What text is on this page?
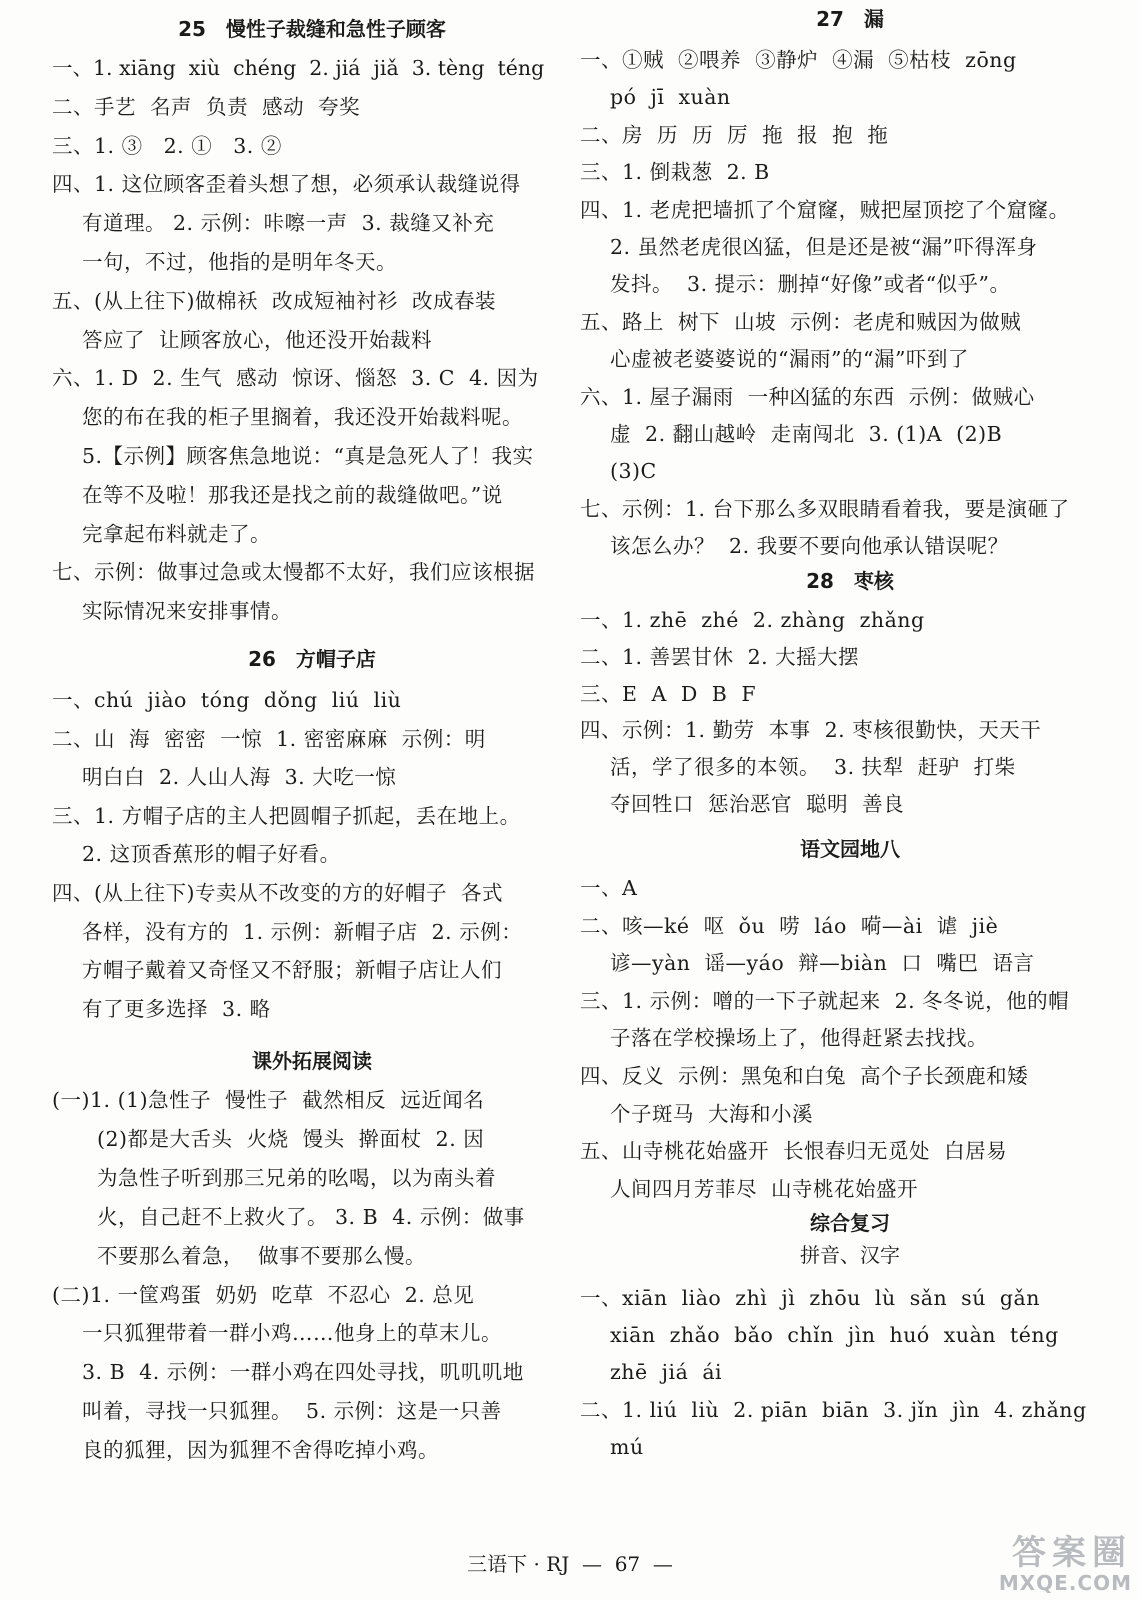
25　慢性子裁缝和急性子顾客
一、1. xiāng  xiù  chéng  2. jiá  jiǎ  3. tèng  téng
二、手艺  名声  负责  感动  夸奖
三、1. ③   2. ①   3. ②
四、1. 这位顾客歪着头想了想，必须承认裁缝说得
有道理。 2. 示例：咔嚓一声  3. 裁缝又补充
一句，不过，他指的是明年冬天。
五、(从上往下)做棉袄  改成短袖衬衫  改成春装
答应了  让顾客放心，他还没开始裁料
六、1. D  2. 生气  感动  惊讶、惱怒  3. C  4. 因为
您的布在我的柜子里搁着，我还没开始裁料呢。
5.【示例】顾客焦急地说：“真是急死人了！我实
在等不及啦！那我还是找之前的裁缝做吧。”说
完拿起布料就走了。
七、示例：做事过急或太慢都不太好，我们应该根据
实际情况来安排事情。
26　方帽子店
一、chú  jiào  tóng  dǒng  liú  liù
二、山  海  密密  一惊  1. 密密麻麻  示例：明
明白白  2. 人山人海  3. 大吃一惊
三、1. 方帽子店的主人把圆帽子抓起，丢在地上。
2. 这顶香蕉形的帽子好看。
四、(从上往下)专卖从不改变的方的好帽子  各式
各样，没有方的  1. 示例：新帽子店  2. 示例：
方帽子戴着又奇怪又不舒服；新帽子店让人们
有了更多选择  3. 略
课外拓展阅读
(一)1. (1)急性子  慢性子  截然相反  远近闻名
(2)都是大舌头  火烧  馒头  擀面杖  2. 因
为急性子听到那三兄弟的吆喝，以为南头着
火，自己赶不上救火了。 3. B  4. 示例：做事
不要那么着急，  做事不要那么慢。
(二)1. 一筐鸡蛋  奶奶  吃草  不忍心  2. 总见
一只狐狸带着一群小鸡……他身上的草末儿。
3. B  4. 示例：一群小鸡在四处寻找，叽叽叽地
叫着，寻找一只狐狸。  5. 示例：这是一只善
良的狐狸，因为狐狸不舍得吃掉小鸡。
27　漏
一、①贼  ②喂养  ③静炉  ④漏  ⑤枯枝  zōng
pó  jī  xuàn
二、房  历  历  厉  拖  报  抱  拖
三、1. 倒栽葱  2. B
四、1. 老虎把墙抓了个窟窿，贼把屋顶挖了个窟窿。
2. 虽然老虎很凶猛，但是还是被“漏”吓得浑身
发抖。  3. 提示：删掉“好像”或者“似乎”。
五、路上  树下  山坡  示例：老虎和贼因为做贼
心虚被老婆婆说的“漏雨”的“漏”吓到了
六、1. 屋子漏雨  一种凶猛的东西  示例：做贼心
虚  2. 翻山越岭  走南闯北  3. (1)A  (2)B
(3)C
七、示例：1. 台下那么多双眼睛看着我，要是演砸了
该怎么办？  2. 我要不要向他承认错误呢？
28　枣核
一、1. zhē  zhé  2. zhàng  zhǎng
二、1. 善罢甘休  2. 大摇大摆
三、E  A  D  B  F
四、示例：1. 勤劳  本事  2. 枣核很勤快，天天干
活，学了很多的本领。  3. 扶犁  赶驴  打柴
夺回牲口  惩治恶官  聪明  善良
语文园地八
一、A
二、咳—ké  呕  ǒu  唠  láo  嗬—ài  谑  jiè
谚—yàn  谣—yáo  辩—biàn  口  嘴巴  语言
三、1. 示例：噌的一下子就起来  2. 冬冬说，他的帽
子落在学校操场上了，他得赶紧去找找。
四、反义  示例：黑兔和白兔  高个子长颈鹿和矮
个子斑马  大海和小溪
五、山寺桃花始盛开  长恨春归无觅处  白居易
人间四月芳菲尽  山寺桃花始盛开
综合复习
拼音、汉字
一、xiān  liào  zhì  jì  zhōu  lù  sǎn  sú  gǎn
xiān  zhǎo  bǎo  chǐn  jìn  huó  xuàn  téng
zhē  jiá  ái
二、1. liú  liù  2. piān  biān  3. jǐn  jìn  4. zhǎng
mú
三语下 · RJ  —  67  —	答案圈
MXQE.COM
